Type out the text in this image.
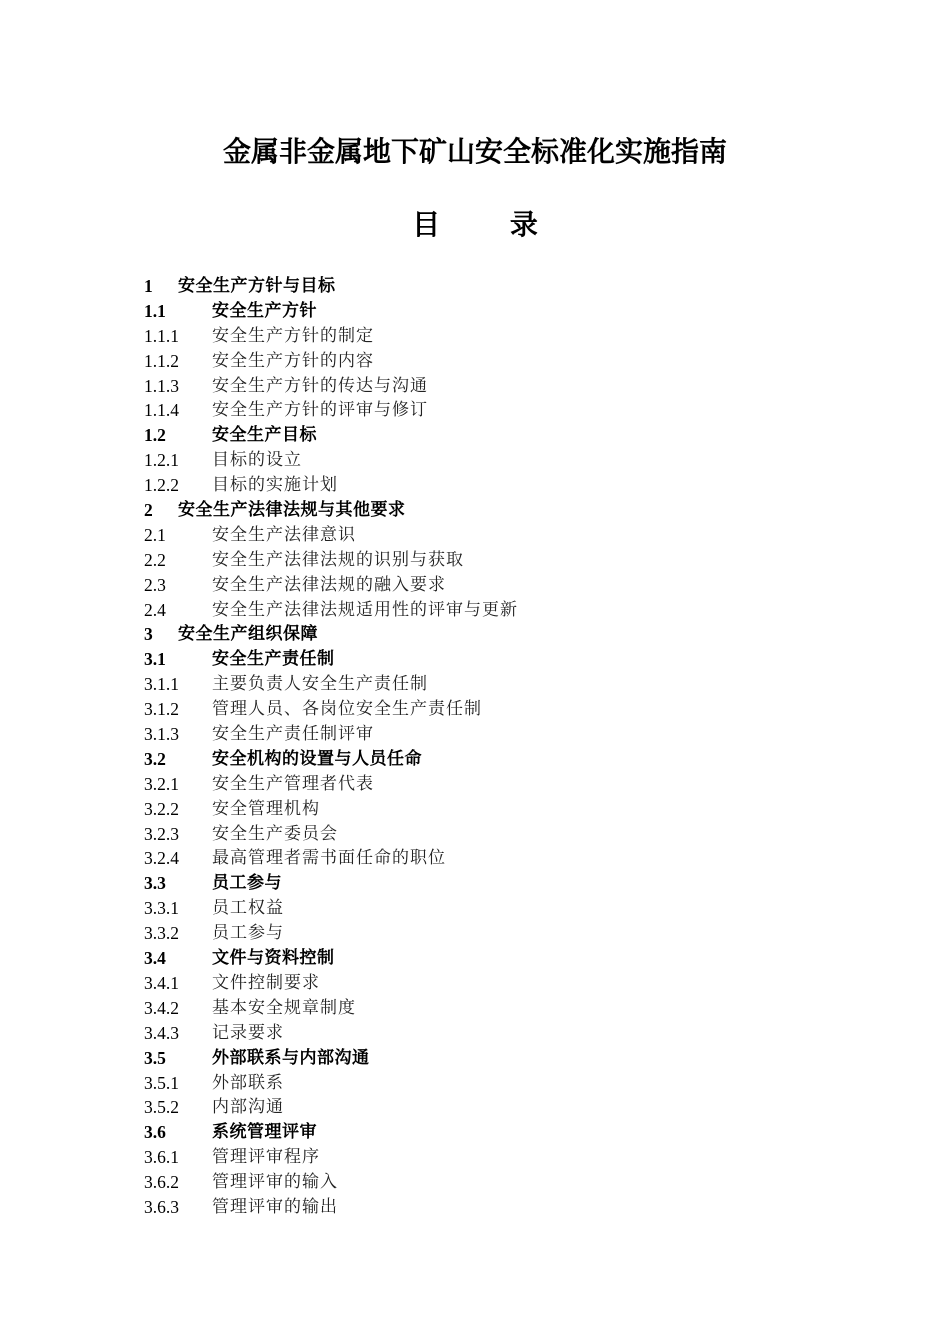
金属非金属地下矿山安全标准化实施指南
目 录
1	安全生产方针与目标
1.1	安全生产方针
1.1.1	安全生产方针的制定
1.1.2	安全生产方针的内容
1.1.3	安全生产方针的传达与沟通
1.1.4	安全生产方针的评审与修订
1.2	安全生产目标
1.2.1	目标的设立
1.2.2	目标的实施计划
2	安全生产法律法规与其他要求
2.1	安全生产法律意识
2.2	安全生产法律法规的识别与获取
2.3	安全生产法律法规的融入要求
2.4	安全生产法律法规适用性的评审与更新
3	安全生产组织保障
3.1	安全生产责任制
3.1.1	主要负责人安全生产责任制
3.1.2	管理人员、各岗位安全生产责任制
3.1.3	安全生产责任制评审
3.2	安全机构的设置与人员任命
3.2.1	安全生产管理者代表
3.2.2	安全管理机构
3.2.3	安全生产委员会
3.2.4	最高管理者需书面任命的职位
3.3	员工参与
3.3.1	员工权益
3.3.2	员工参与
3.4	文件与资料控制
3.4.1	文件控制要求
3.4.2	基本安全规章制度
3.4.3	记录要求
3.5	外部联系与内部沟通
3.5.1	外部联系
3.5.2	内部沟通
3.6	系统管理评审
3.6.1	管理评审程序
3.6.2	管理评审的输入
3.6.3	管理评审的输出
